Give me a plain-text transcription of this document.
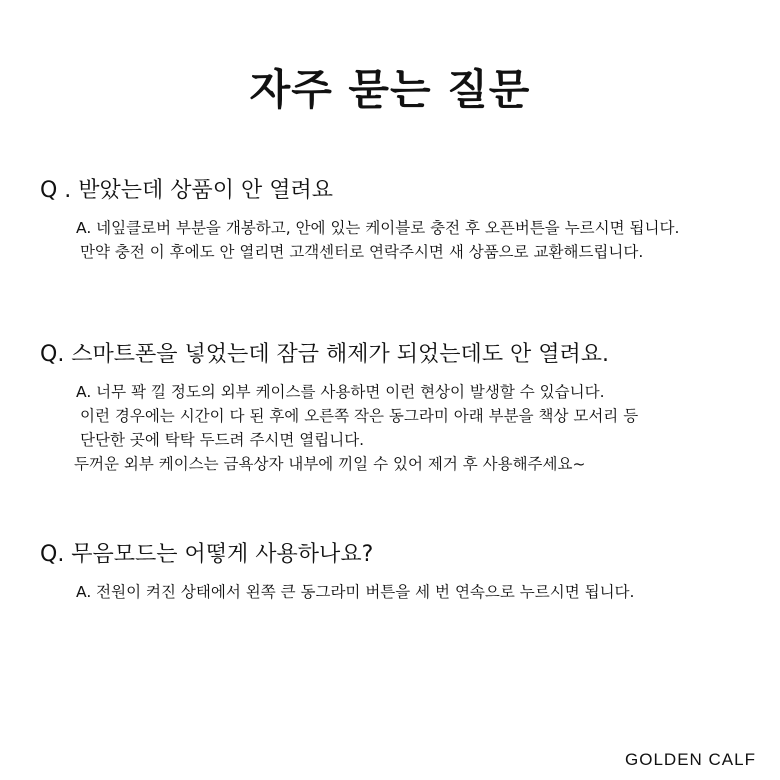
자주 묻는 질문

Q . 받았는데 상품이 안 열려요

A. 네잎클로버 부분을 개봉하고, 안에 있는 케이블로 충전 후 오픈버튼을 누르시면 됩니다.
만약 충전 이 후에도 안 열리면 고객센터로 연락주시면 새 상품으로 교환해드립니다.

Q. 스마트폰을 넣었는데 잠금 해제가 되었는데도 안 열려요.

A. 너무 꽉 낄 정도의 외부 케이스를 사용하면 이런 현상이 발생할 수 있습니다.
이런 경우에는 시간이 다 된 후에 오른쪽 작은 동그라미 아래 부분을 책상 모서리 등
단단한 곳에 탁탁 두드려 주시면 열립니다.
두꺼운 외부 케이스는 금욕상자 내부에 끼일 수 있어 제거 후 사용해주세요~

Q. 무음모드는 어떻게 사용하나요?

A. 전원이 켜진 상태에서 왼쪽 큰 동그라미 버튼을 세 번 연속으로 누르시면 됩니다.
GOLDEN CALF
